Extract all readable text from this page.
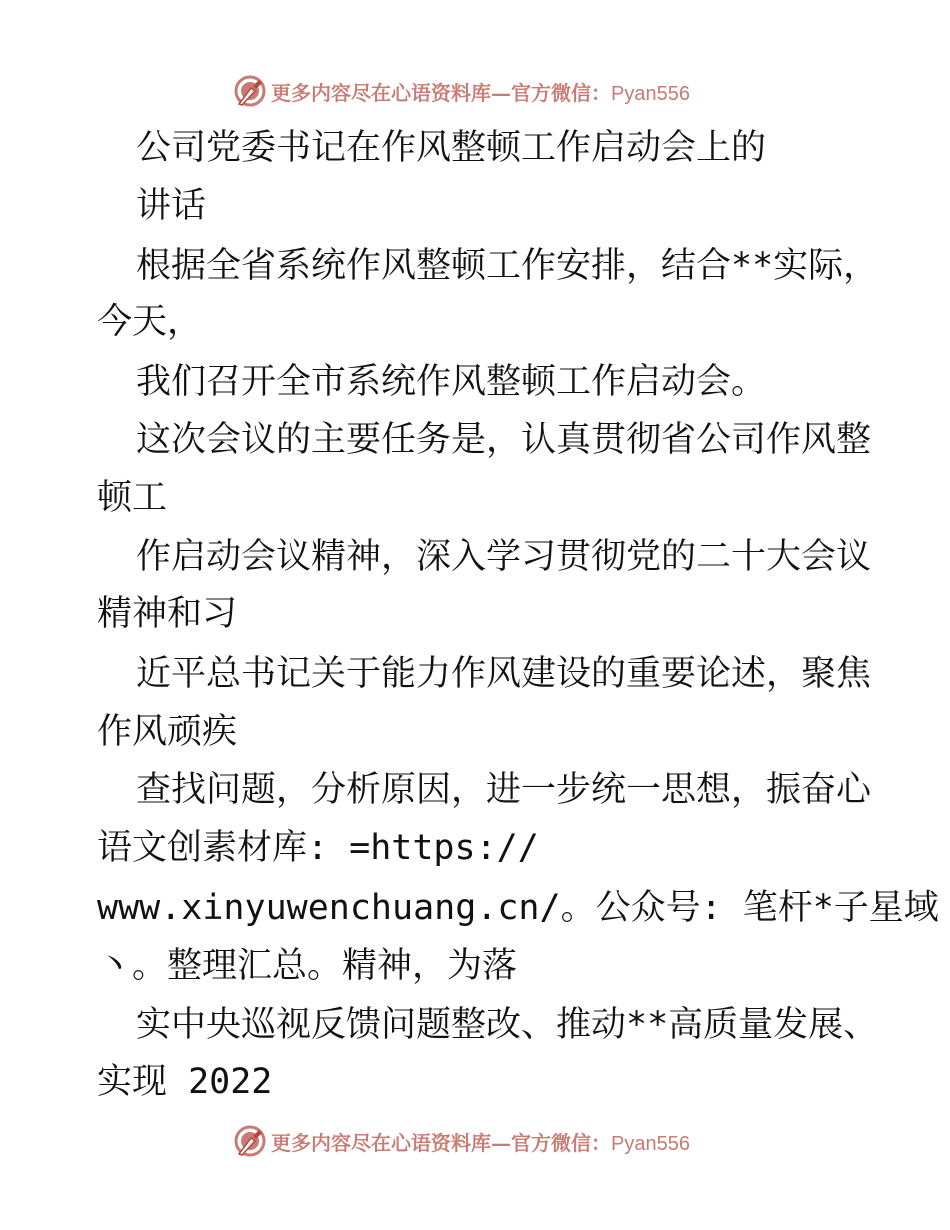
更多内容尽在心语资料库—官方微信：Pyan556
公司党委书记在作风整顿工作启动会上的
讲话
根据全省系统作风整顿工作安排，结合**实际，
今天，
我们召开全市系统作风整顿工作启动会。
这次会议的主要任务是，认真贯彻省公司作风整
顿工
作启动会议精神，深入学习贯彻党的二十大会议
精神和习
近平总书记关于能力作风建设的重要论述，聚焦
作风顽疾
查找问题，分析原因，进一步统一思想，振奋心
语文创素材库: =https://
www.xinyuwenchuang.cn/。公众号: 笔杆*子星域
丶。整理汇总。精神，为落
实中央巡视反馈问题整改、推动**高质量发展、
实现 2022
更多内容尽在心语资料库—官方微信：Pyan556
